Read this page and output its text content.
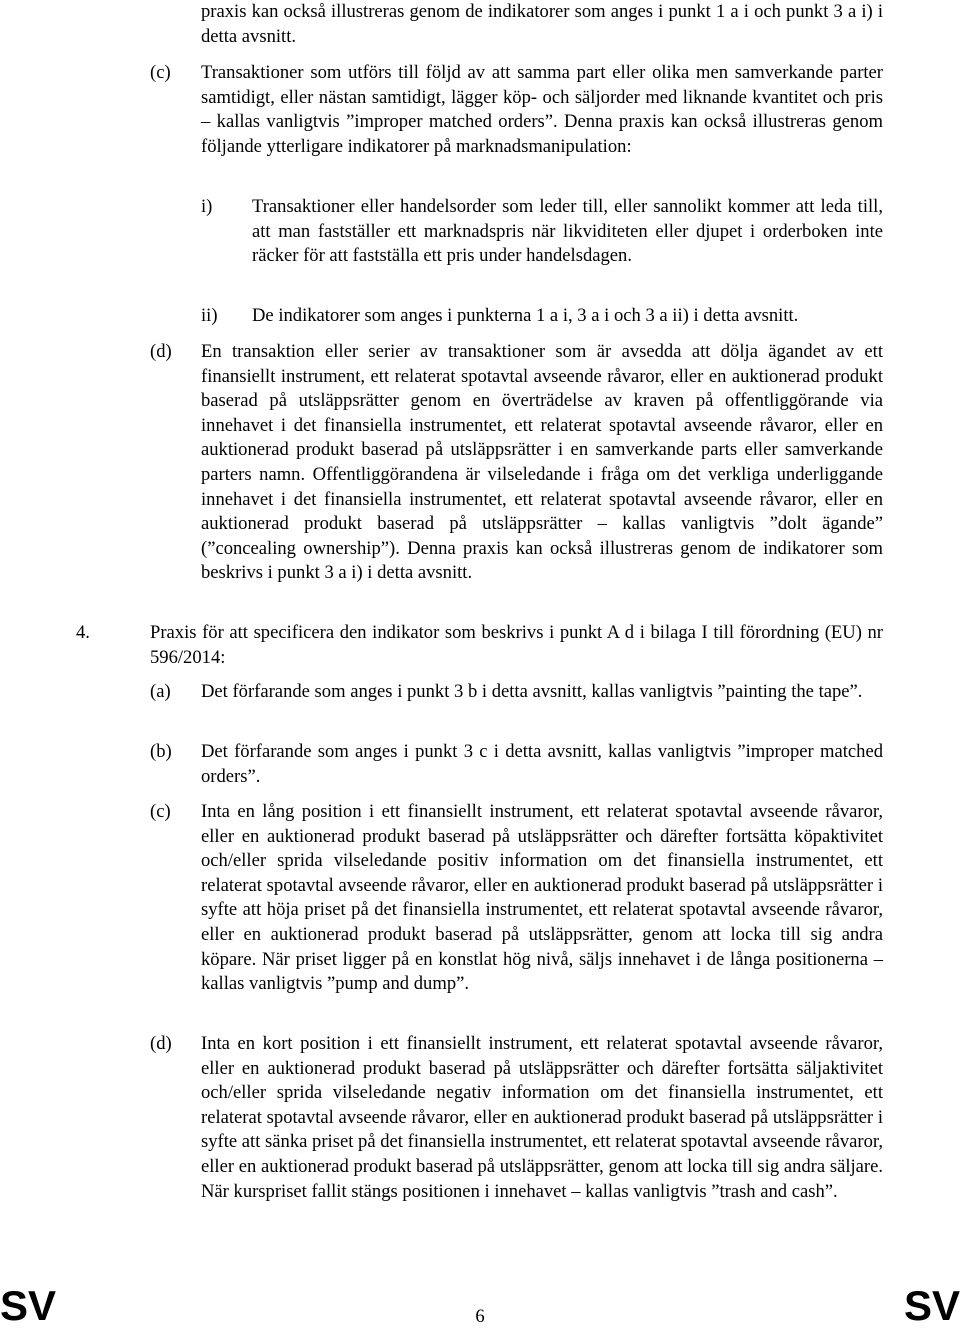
praxis kan också illustreras genom de indikatorer som anges i punkt 1 a i och punkt 3 a i) i detta avsnitt.

(c) Transaktioner som utförs till följd av att samma part eller olika men samverkande parter samtidigt, eller nästan samtidigt, lägger köp- och säljorder med liknande kvantitet och pris – kallas vanligtvis ”improper matched orders”. Denna praxis kan också illustreras genom följande ytterligare indikatorer på marknadsmanipulation:

i) Transaktioner eller handelsorder som leder till, eller sannolikt kommer att leda till, att man fastställer ett marknadspris när likviditeten eller djupet i orderboken inte räcker för att fastställa ett pris under handelsdagen.

ii) De indikatorer som anges i punkterna 1 a i, 3 a i och 3 a ii) i detta avsnitt.

(d) En transaktion eller serier av transaktioner som är avsedda att dölja ägandet av ett finansiellt instrument, ett relaterat spotavtal avseende råvaror, eller en auktionerad produkt baserad på utsläppsrätter genom en överträdelse av kraven på offentliggörande via innehavet i det finansiella instrumentet, ett relaterat spotavtal avseende råvaror, eller en auktionerad produkt baserad på utsläppsrätter i en samverkande parts eller samverkande parters namn. Offentliggörandena är vilseledande i fråga om det verkliga underliggande innehavet i det finansiella instrumentet, ett relaterat spotavtal avseende råvaror, eller en auktionerad produkt baserad på utsläppsrätter – kallas vanligtvis ”dolt ägande” (”concealing ownership”). Denna praxis kan också illustreras genom de indikatorer som beskrivs i punkt 3 a i) i detta avsnitt.

4.	Praxis för att specificera den indikator som beskrivs i punkt A d i bilaga I till förordning (EU) nr 596/2014:

(a) Det förfarande som anges i punkt 3 b i detta avsnitt, kallas vanligtvis ”painting the tape”.

(b) Det förfarande som anges i punkt 3 c i detta avsnitt, kallas vanligtvis ”improper matched orders”.

(c) Inta en lång position i ett finansiellt instrument, ett relaterat spotavtal avseende råvaror, eller en auktionerad produkt baserad på utsläppsrätter och därefter fortsätta köpaktivitet och/eller sprida vilseledande positiv information om det finansiella instrumentet, ett relaterat spotavtal avseende råvaror, eller en auktionerad produkt baserad på utsläppsrätter i syfte att höja priset på det finansiella instrumentet, ett relaterat spotavtal avseende råvaror, eller en auktionerad produkt baserad på utsläppsrätter, genom att locka till sig andra köpare. När priset ligger på en konstlat hög nivå, säljs innehavet i de långa positionerna – kallas vanligtvis ”pump and dump”.

(d) Inta en kort position i ett finansiellt instrument, ett relaterat spotavtal avseende råvaror, eller en auktionerad produkt baserad på utsläppsrätter och därefter fortsätta säljaktivitet och/eller sprida vilseledande negativ information om det finansiella instrumentet, ett relaterat spotavtal avseende råvaror, eller en auktionerad produkt baserad på utsläppsrätter i syfte att sänka priset på det finansiella instrumentet, ett relaterat spotavtal avseende råvaror, eller en auktionerad produkt baserad på utsläppsrätter, genom att locka till sig andra säljare. När kurspriset fallit stängs positionen i innehavet – kallas vanligtvis ”trash and cash”.

SV	6	SV
